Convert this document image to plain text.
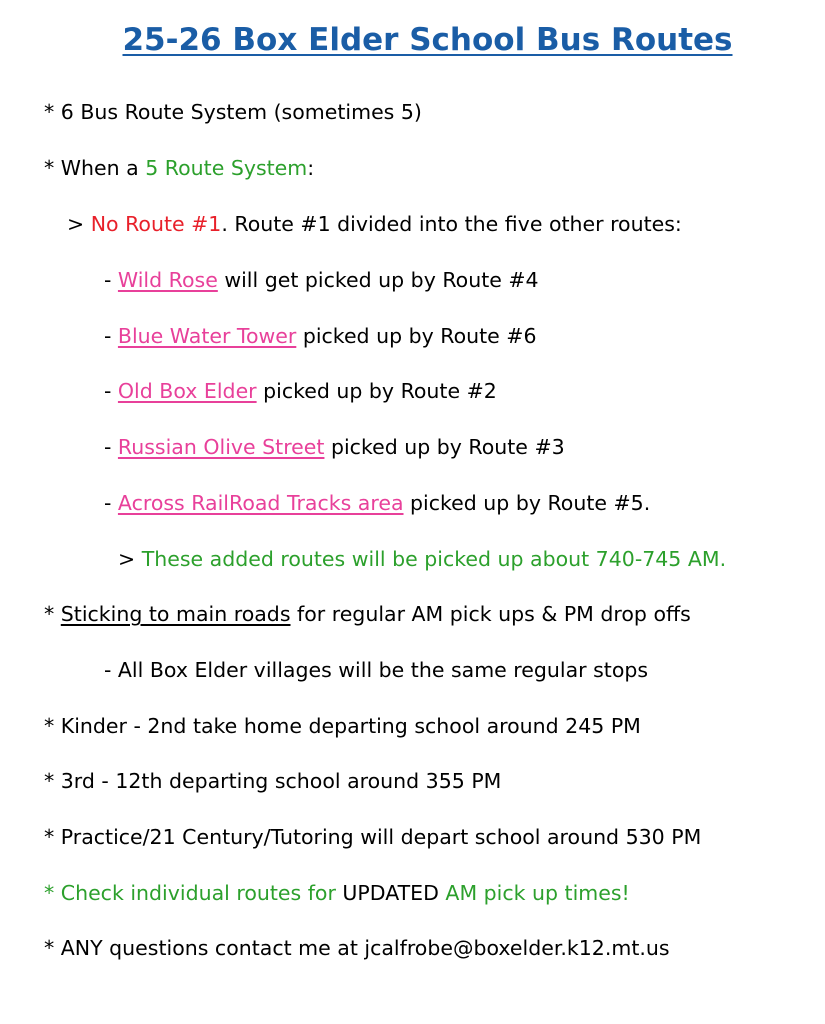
25-26 Box Elder School Bus Routes
* 6 Bus Route System (sometimes 5)
* When a 5 Route System:
> No Route #1. Route #1 divided into the five other routes:
- Wild Rose will get picked up by Route #4
- Blue Water Tower picked up by Route #6
- Old Box Elder picked up by Route #2
- Russian Olive Street picked up by Route #3
- Across RailRoad Tracks area picked up by Route #5.
> These added routes will be picked up about 740-745 AM.
* Sticking to main roads for regular AM pick ups & PM drop offs
- All Box Elder villages will be the same regular stops
* Kinder - 2nd take home departing school around 245 PM
* 3rd - 12th departing school around 355 PM
* Practice/21 Century/Tutoring will depart school around 530 PM
* Check individual routes for UPDATED AM pick up times!
* ANY questions contact me at jcalfrobe@boxelder.k12.mt.us
